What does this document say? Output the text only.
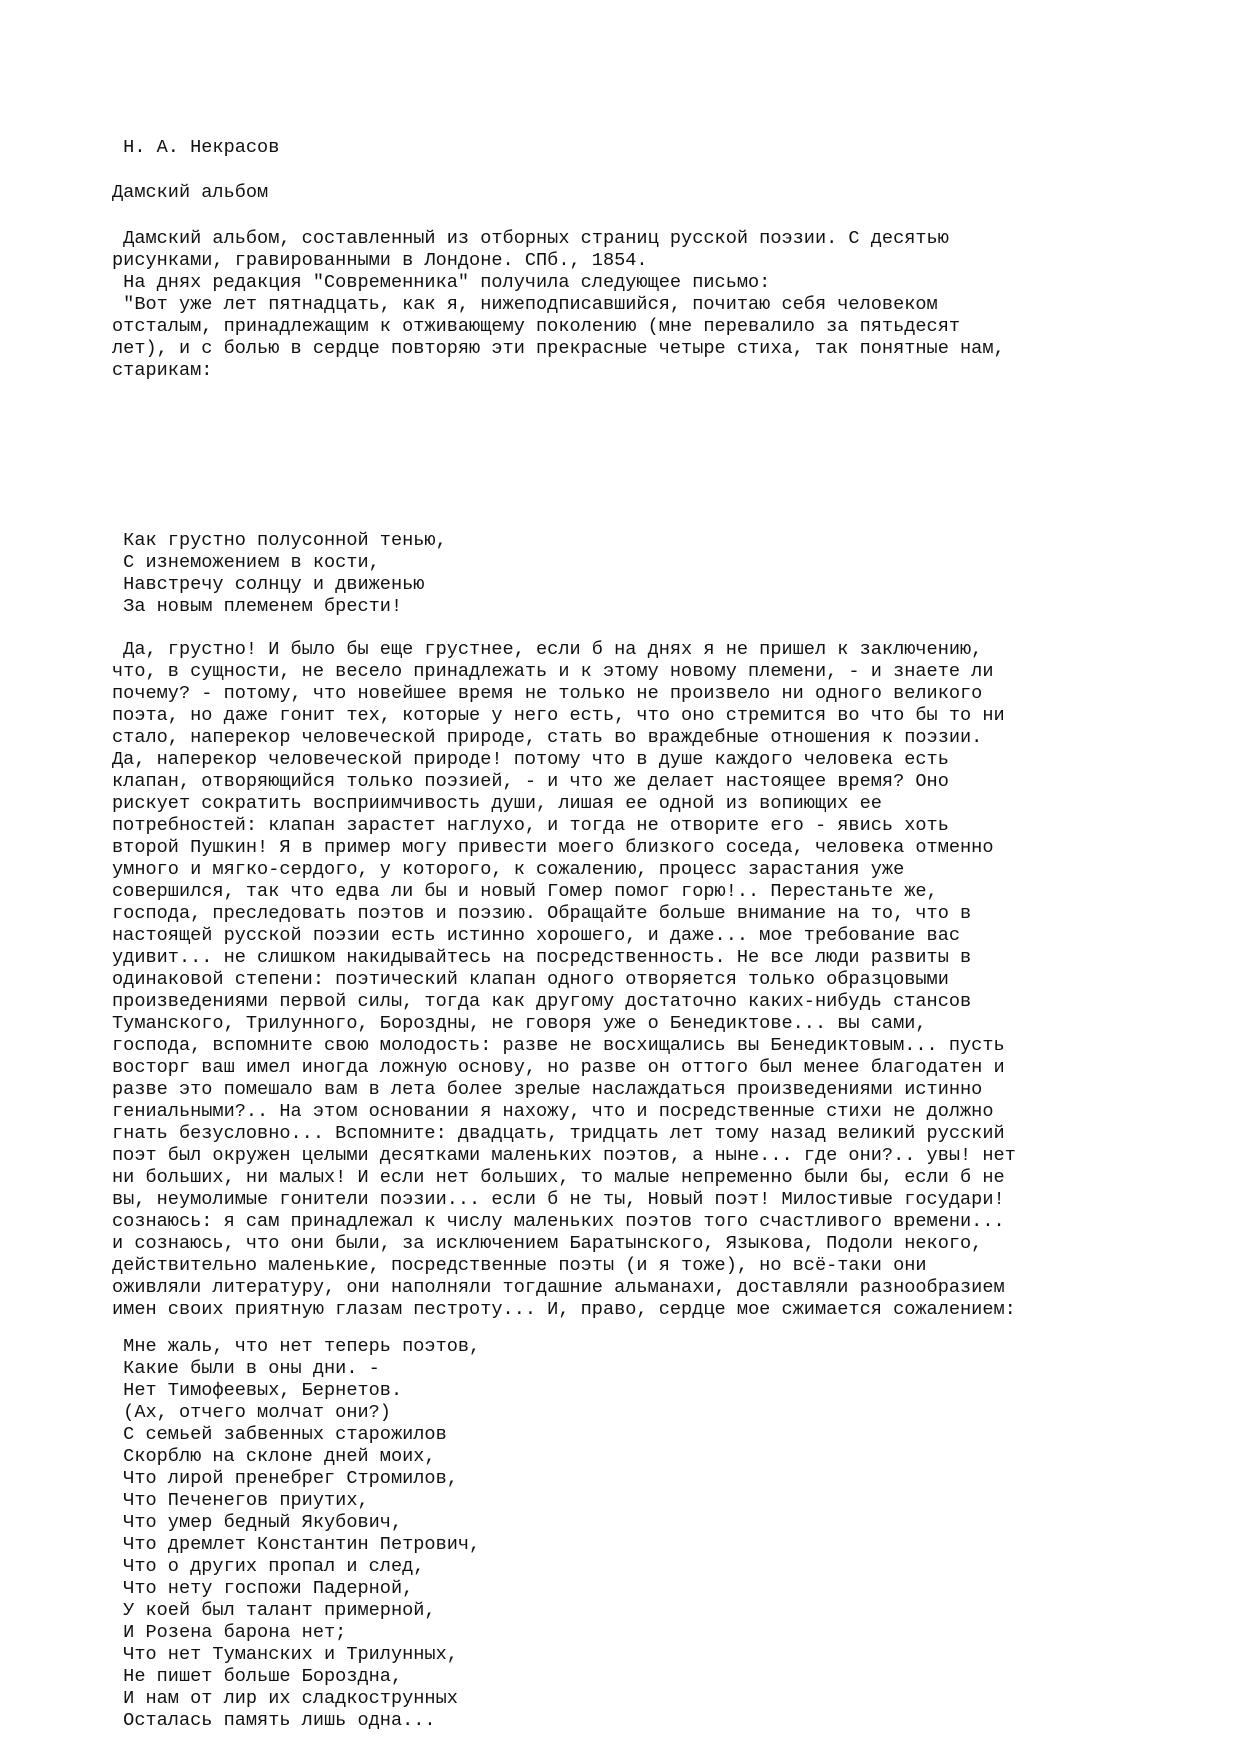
Н. А. Некрасов
Дамский альбом
Дамский альбом, составленный из отборных страниц русской поэзии. С десятью
рисунками, гравированными в Лондоне. СПб., 1854.
На днях редакция "Современника" получила следующее письмо:
"Вот уже лет пятнадцать, как я, нижеподписавшийся, почитаю себя человеком
отсталым, принадлежащим к отживающему поколению (мне перевалило за пятьдесят
лет), и с болью в сердце повторяю эти прекрасные четыре стиха, так понятные нам,
старикам:
Как грустно полусонной тенью,
С изнеможением в кости,
Навстречу солнцу и движенью
За новым племенем брести!
Да, грустно! И было бы еще грустнее, если б на днях я не пришел к заключению,
что, в сущности, не весело принадлежать и к этому новому племени, - и знаете ли
почему? - потому, что новейшее время не только не произвело ни одного великого
поэта, но даже гонит тех, которые у него есть, что оно стремится во что бы то ни
стало, наперекор человеческой природе, стать во враждебные отношения к поэзии.
Да, наперекор человеческой природе! потому что в душе каждого человека есть
клапан, отворяющийся только поэзией, - и что же делает настоящее время? Оно
рискует сократить восприимчивость души, лишая ее одной из вопиющих ее
потребностей: клапан зарастет наглухо, и тогда не отворите его - явись хоть
второй Пушкин! Я в пример могу привести моего близкого соседа, человека отменно
умного и мягко-сердого, у которого, к сожалению, процесс зарастания уже
совершился, так что едва ли бы и новый Гомер помог горю!.. Перестаньте же,
господа, преследовать поэтов и поэзию. Обращайте больше внимание на то, что в
настоящей русской поэзии есть истинно хорошего, и даже... мое требование вас
удивит... не слишком накидывайтесь на посредственность. Не все люди развиты в
одинаковой степени: поэтический клапан одного отворяется только образцовыми
произведениями первой силы, тогда как другому достаточно каких-нибудь стансов
Туманского, Трилунного, Бороздны, не говоря уже о Бенедиктове... вы сами,
господа, вспомните свою молодость: разве не восхищались вы Бенедиктовым... пусть
восторг ваш имел иногда ложную основу, но разве он оттого был менее благодатен и
разве это помешало вам в лета более зрелые наслаждаться произведениями истинно
гениальными?.. На этом основании я нахожу, что и посредственные стихи не должно
гнать безусловно... Вспомните: двадцать, тридцать лет тому назад великий русский
поэт был окружен целыми десятками маленьких поэтов, а ныне... где они?.. увы! нет
ни больших, ни малых! И если нет больших, то малые непременно были бы, если б не
вы, неумолимые гонители поэзии... если б не ты, Новый поэт! Милостивые государи!
сознаюсь: я сам принадлежал к числу маленьких поэтов того счастливого времени...
и сознаюсь, что они были, за исключением Баратынского, Языкова, Подоли некого,
действительно маленькие, посредственные поэты (и я тоже), но всё-таки они
оживляли литературу, они наполняли тогдашние альманахи, доставляли разнообразием
имен своих приятную глазам пестроту... И, право, сердце мое сжимается сожалением:
Мне жаль, что нет теперь поэтов,
Какие были в оны дни. -
Нет Тимофеевых, Бернетов.
(Ах, отчего молчат они?)
С семьей забвенных старожилов
Скорблю на склоне дней моих,
Что лирой пренебрег Стромилов,
Что Печенегов приутих,
Что умер бедный Якубович,
Что дремлет Константин Петрович,
Что о других пропал и след,
Что нету госпожи Падерной,
У коей был талант примерной,
И Розена барона нет;
Что нет Туманских и Трилунных,
Не пишет больше Бороздна,
И нам от лир их сладкострунных
Осталась память лишь одна...
